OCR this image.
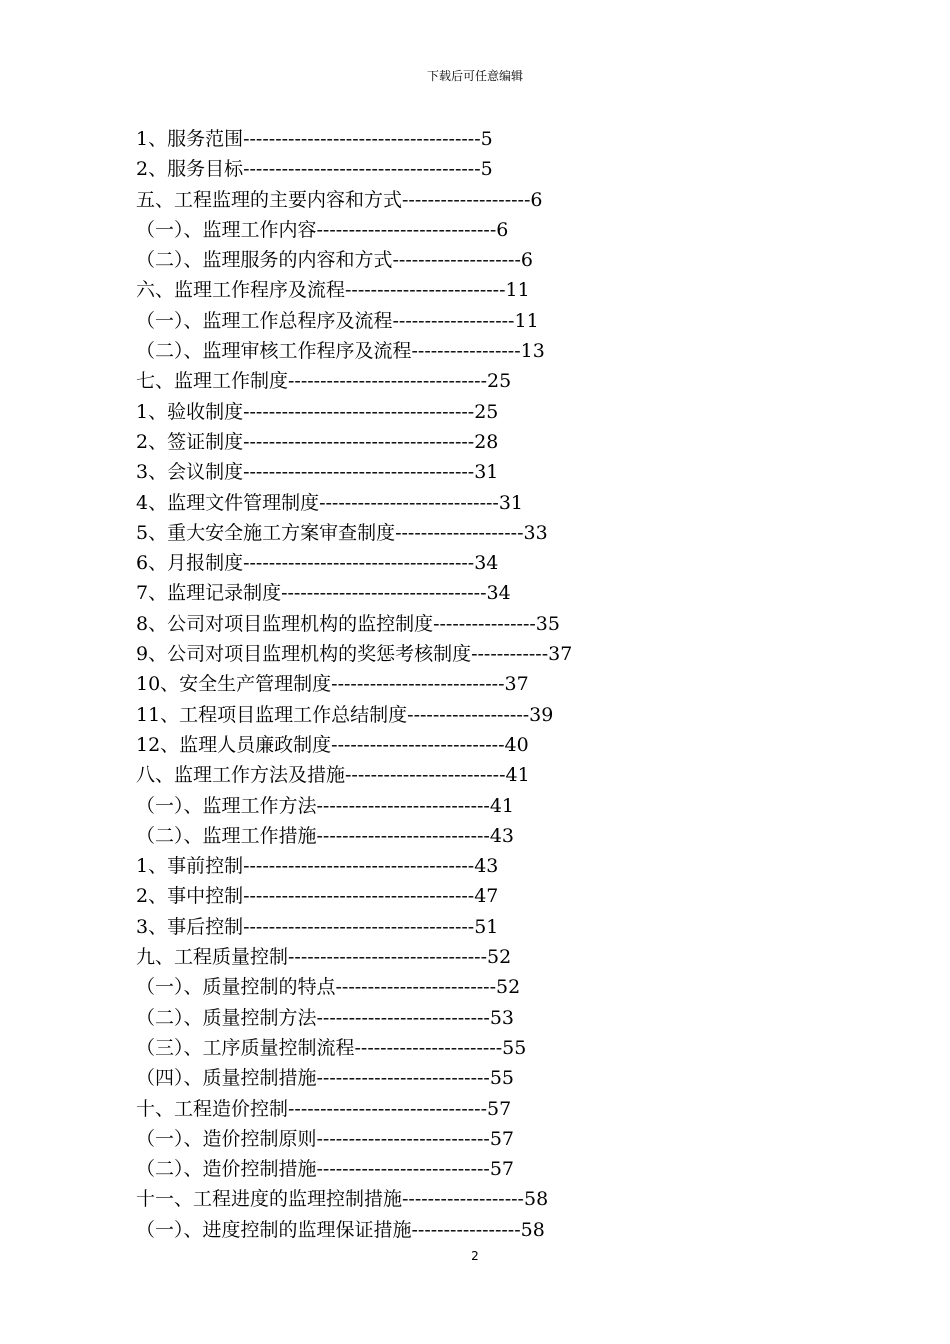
下载后可任意编辑
1、服务范围-------------------------------------5
2、服务目标-------------------------------------5
五、工程监理的主要内容和方式--------------------6
（一）、监理工作内容----------------------------6
（二）、监理服务的内容和方式--------------------6
六、监理工作程序及流程-------------------------11
（一）、监理工作总程序及流程-------------------11
（二）、监理审核工作程序及流程-----------------13
七、监理工作制度-------------------------------25
1、验收制度------------------------------------25
2、签证制度------------------------------------28
3、会议制度------------------------------------31
4、监理文件管理制度----------------------------31
5、重大安全施工方案审查制度--------------------33
6、月报制度------------------------------------34
7、监理记录制度--------------------------------34
8、公司对项目监理机构的监控制度----------------35
9、公司对项目监理机构的奖惩考核制度------------37
10、安全生产管理制度---------------------------37
11、工程项目监理工作总结制度-------------------39
12、监理人员廉政制度---------------------------40
八、监理工作方法及措施-------------------------41
（一）、监理工作方法---------------------------41
（二）、监理工作措施---------------------------43
1、事前控制------------------------------------43
2、事中控制------------------------------------47
3、事后控制------------------------------------51
九、工程质量控制-------------------------------52
（一）、质量控制的特点-------------------------52
（二）、质量控制方法---------------------------53
（三）、工序质量控制流程-----------------------55
（四）、质量控制措施---------------------------55
十、工程造价控制-------------------------------57
（一）、造价控制原则---------------------------57
（二）、造价控制措施---------------------------57
十一、工程进度的监理控制措施-------------------58
（一）、进度控制的监理保证措施-----------------58
2
